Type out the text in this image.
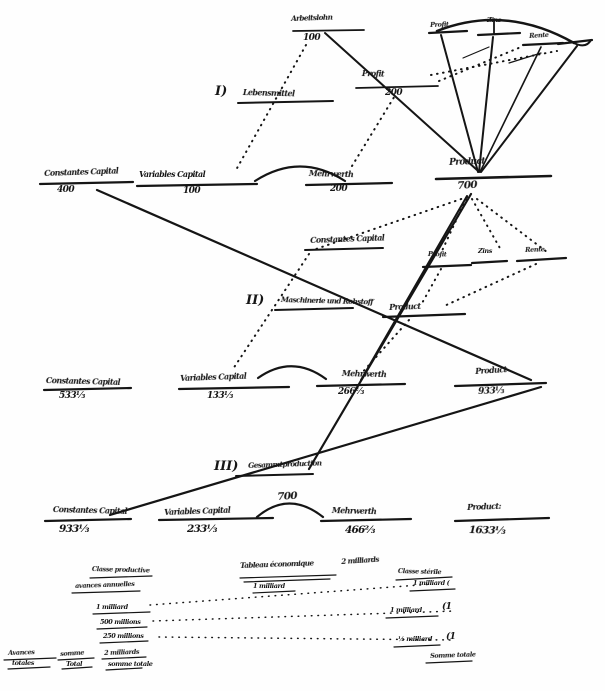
Arbeitslohn
100
Profit
200
Profit
Zins
Rente
I) Lebensmittel
Constantes Capital
400
Variables Capital
100
Mehrwerth
200
Product
700
Constantes Capital
Profit	Zins	Rente
II) Maschinerie und Rohstoff
Product
Constantes Capital
533⅓
Variables Capital
133⅓
Mehrwerth
266⅔
Product
933⅓
III) Gesammtproduction
Constantes Capital
933⅓
Variables Capital
233⅓
700
Mehrwerth
466⅔
Product:
1633⅓
Avances
totales
Classe productive
avances annuelles
1 milliard
500 millions
250 millions
somme
Total
2 milliards
somme totale
Tableau économique	2 milliards
1 milliard
Classe stérile
1 milliard (
1 milliard (1
½ milliard (1
Somme totale
